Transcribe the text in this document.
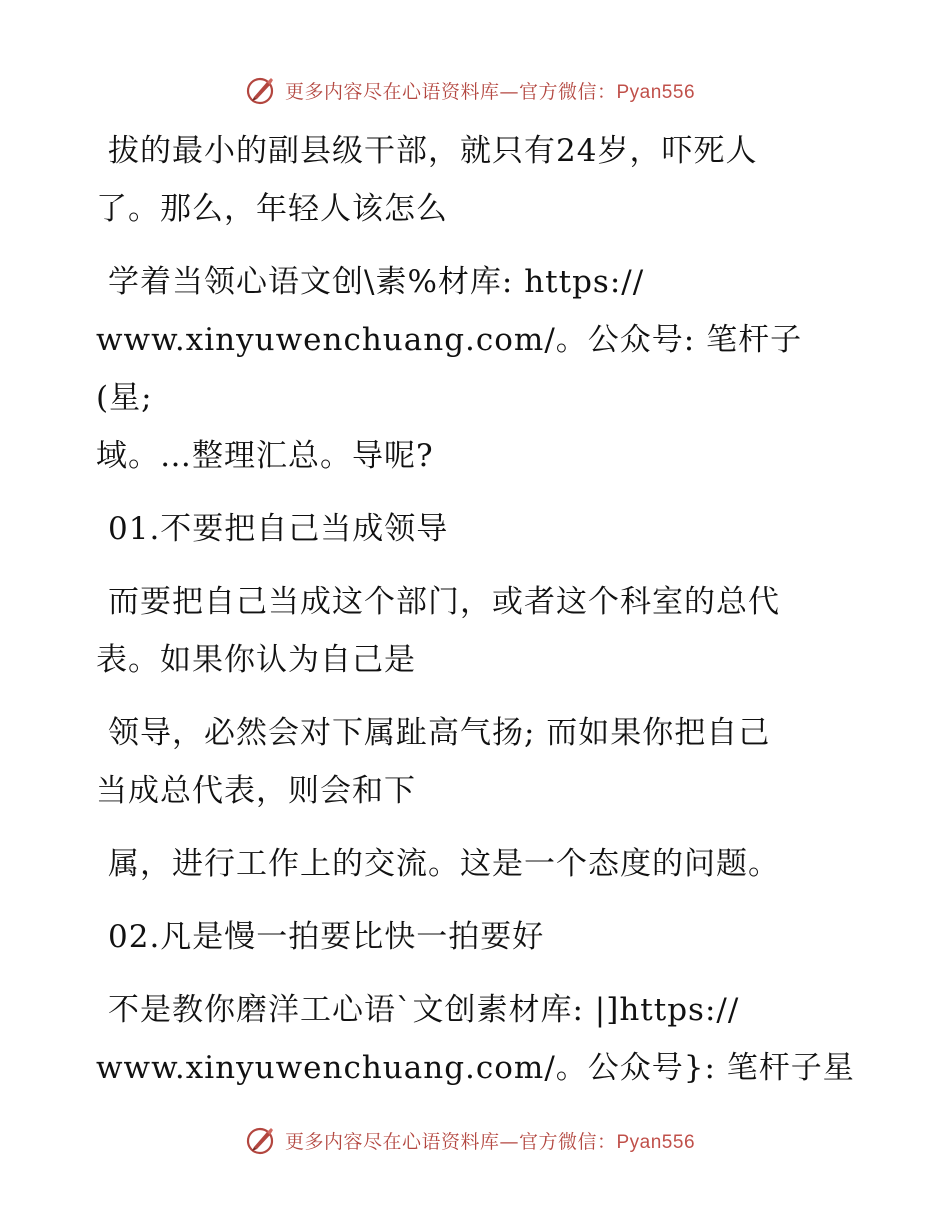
更多内容尽在心语资料库—官方微信：Pyan556

拔的最小的副县级干部，就只有24岁，吓死人
了。那么，年轻人该怎么

学着当领心语文创\素%材库: https://
www.xinyuwenchuang.com/。公众号: 笔杆子(星;
域。…整理汇总。导呢?

01.不要把自己当成领导

而要把自己当成这个部门，或者这个科室的总代
表。如果你认为自己是

领导，必然会对下属趾高气扬; 而如果你把自己
当成总代表，则会和下

属，进行工作上的交流。这是一个态度的问题。

02.凡是慢一拍要比快一拍要好

不是教你磨洋工心语`文创素材库: |]https://
www.xinyuwenchuang.com/。公众号}: 笔杆子星

更多内容尽在心语资料库—官方微信：Pyan556
